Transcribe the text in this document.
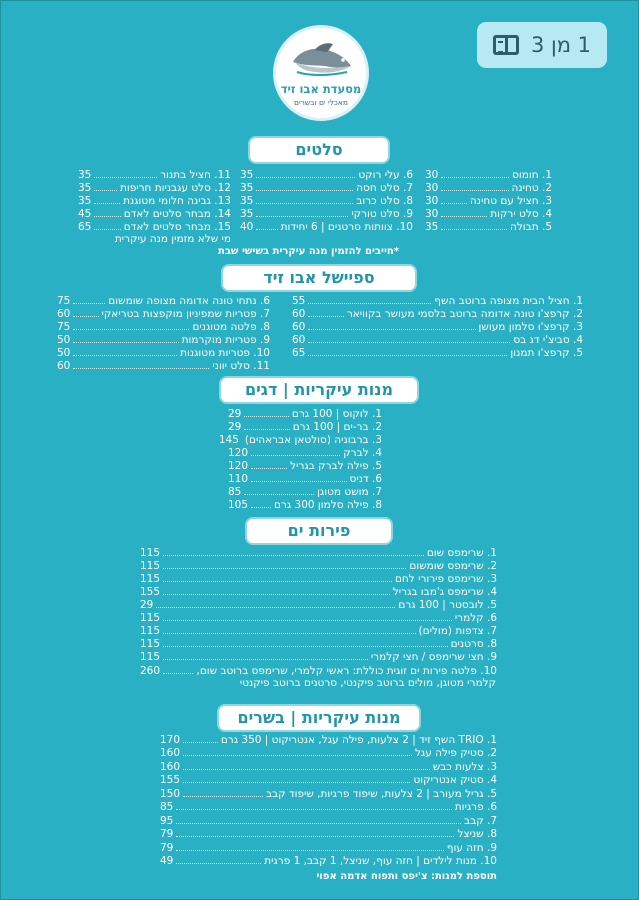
1 מן 3
מסעדת אבו זיד
מאכלי ים ובשרים
סלטים
1. חומוס
30
2. טחינה
30
3. חציל עם טחינה
30
4. סלט ירקות
30
5. תבולה
35
6. עלי רוקט
35
7. סלט חסה
35
8. סלט כרוב
35
9. סלט טורקי
35
10. צוותות סרטנים | 6 יחידות
40
11. חציל בתנור
35
12. סלט עגבניות חריפות
35
13. גבינה חלומי מטוגנת
35
14. מבחר סלטים לאדם
45
15. מבחר סלטים לאדם
65
מי שלא מזמין מנה עיקרית
*חייבים להזמין מנה עיקרית בשישי שבת
ספיישל אבו זיד
1. חציל הבית מצופה ברוטב השף
55
2. קרפצ'ו טונה אדומה ברוטב בלסמי מעושר בקוויאר
60
3. קרפצ'ו סלמון מעושן
60
4. סביצ'י דג בס
60
5. קרפצ'ו תמנון
65
6. נתחי טונה אדומה מצופה שומשום
75
7. פטריות שמפיניון מוקפצות בטריאקי
60
8. פלטה מטוגנים
75
9. פטריות מוקרמות
50
10. פטריות מטוגנות
50
11. סלט יווני
60
מנות עיקריות | דגים
1. לוקוס | 100 גרם
29
2. בר-ים | 100 גרם
29
3. ברבוניה (סולטאן אבראהים)
145
4. לברק
120
5. פילה לברק בגריל
120
6. דניס
110
7. מושט מטוגן
85
8. פילה סלמון 300 גרם
105
פירות ים
1. שרימפס שום
115
2. שרימפס שומשום
115
3. שרימפס פירורי לחם
115
4. שרימפס ג'מבו בגריל
155
5. לובסטר | 100 גרם
29
6. קלמרי
115
7. צדפות (מולים)
115
8. סרטנים
115
9. חצי שרימפס / חצי קלמרי
115
10. פלטה פירות ים זוגית כוללת: ראשי קלמרי, שרימפס ברוטב שום,
260
קלמרי מטוגן, מולים ברוטב פיקנטי, סרטנים ברוטב פיקנטי
מנות עיקריות | בשרים
1. TRIO השף זיד | 2 צלעות, פילה עגל, אנטריקוט | 350 גרם
170
2. סטיק פילה עגל
160
3. צלעות כבש
160
4. סטיק אנטריקוט
155
5. גריל מעורב | 2 צלעות, שיפוד פרגיות, שיפוד קבב
150
6. פרגיות
85
7. קבב
95
8. שניצל
79
9. חזה עוף
79
10. מנות לילדים | חזה עוף, שניצל, 1 קבב, 1 פרגית
49
תוספת למנות: צ'יפס ותפוח אדמה אפוי
